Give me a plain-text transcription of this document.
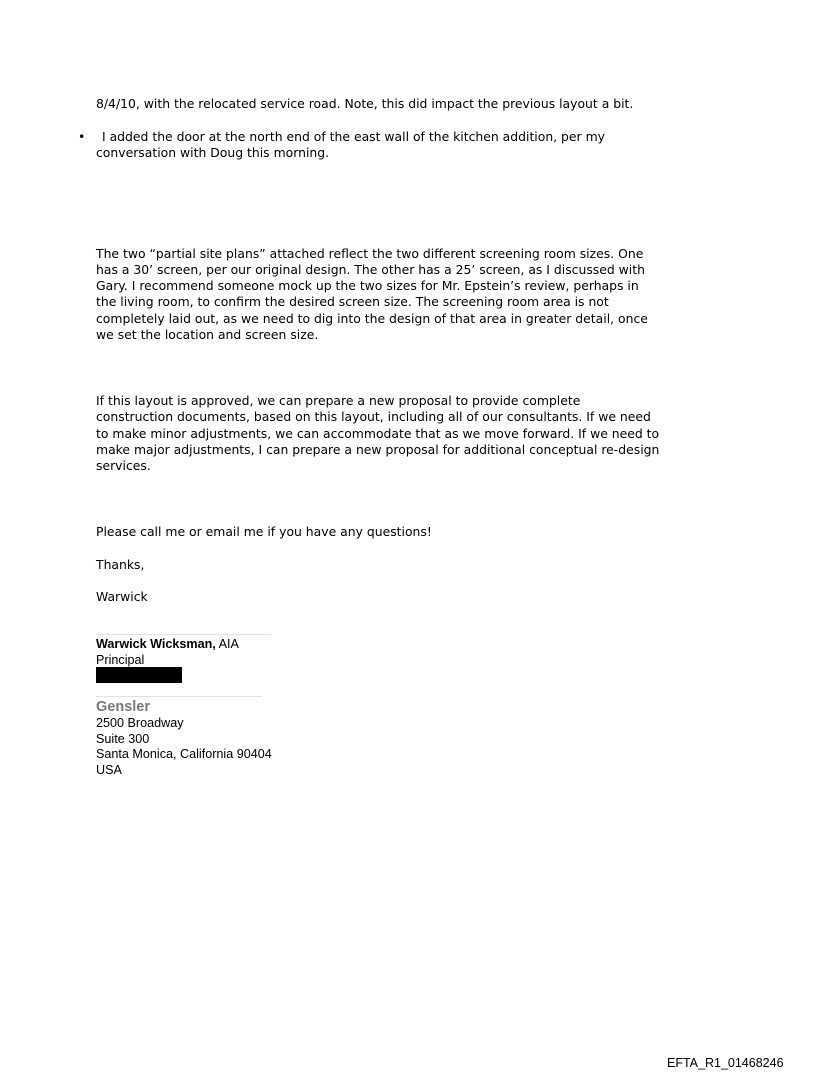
8/4/10, with the relocated service road. Note, this did impact the previous layout a bit.

• I added the door at the north end of the east wall of the kitchen addition, per my

conversation with Doug this morning.

The two “partial site plans” attached reflect the two different screening room sizes. One

has a 30’ screen, per our original design. The other has a 25’ screen, as I discussed with

Gary. I recommend someone mock up the two sizes for Mr. Epstein’s review, perhaps in

the living room, to confirm the desired screen size. The screening room area is not

completely laid out, as we need to dig into the design of that area in greater detail, once

we set the location and screen size.

If this layout is approved, we can prepare a new proposal to provide complete

construction documents, based on this layout, including all of our consultants. If we need

to make minor adjustments, we can accommodate that as we move forward. If we need to

make major adjustments, I can prepare a new proposal for additional conceptual re-design

services.

Please call me or email me if you have any questions!

Thanks,

Warwick

Warwick Wicksman, AIA

Principal

Gensler

2500 Broadway

Suite 300

Santa Monica, California 90404

USA

EFTA_R1_01468246
